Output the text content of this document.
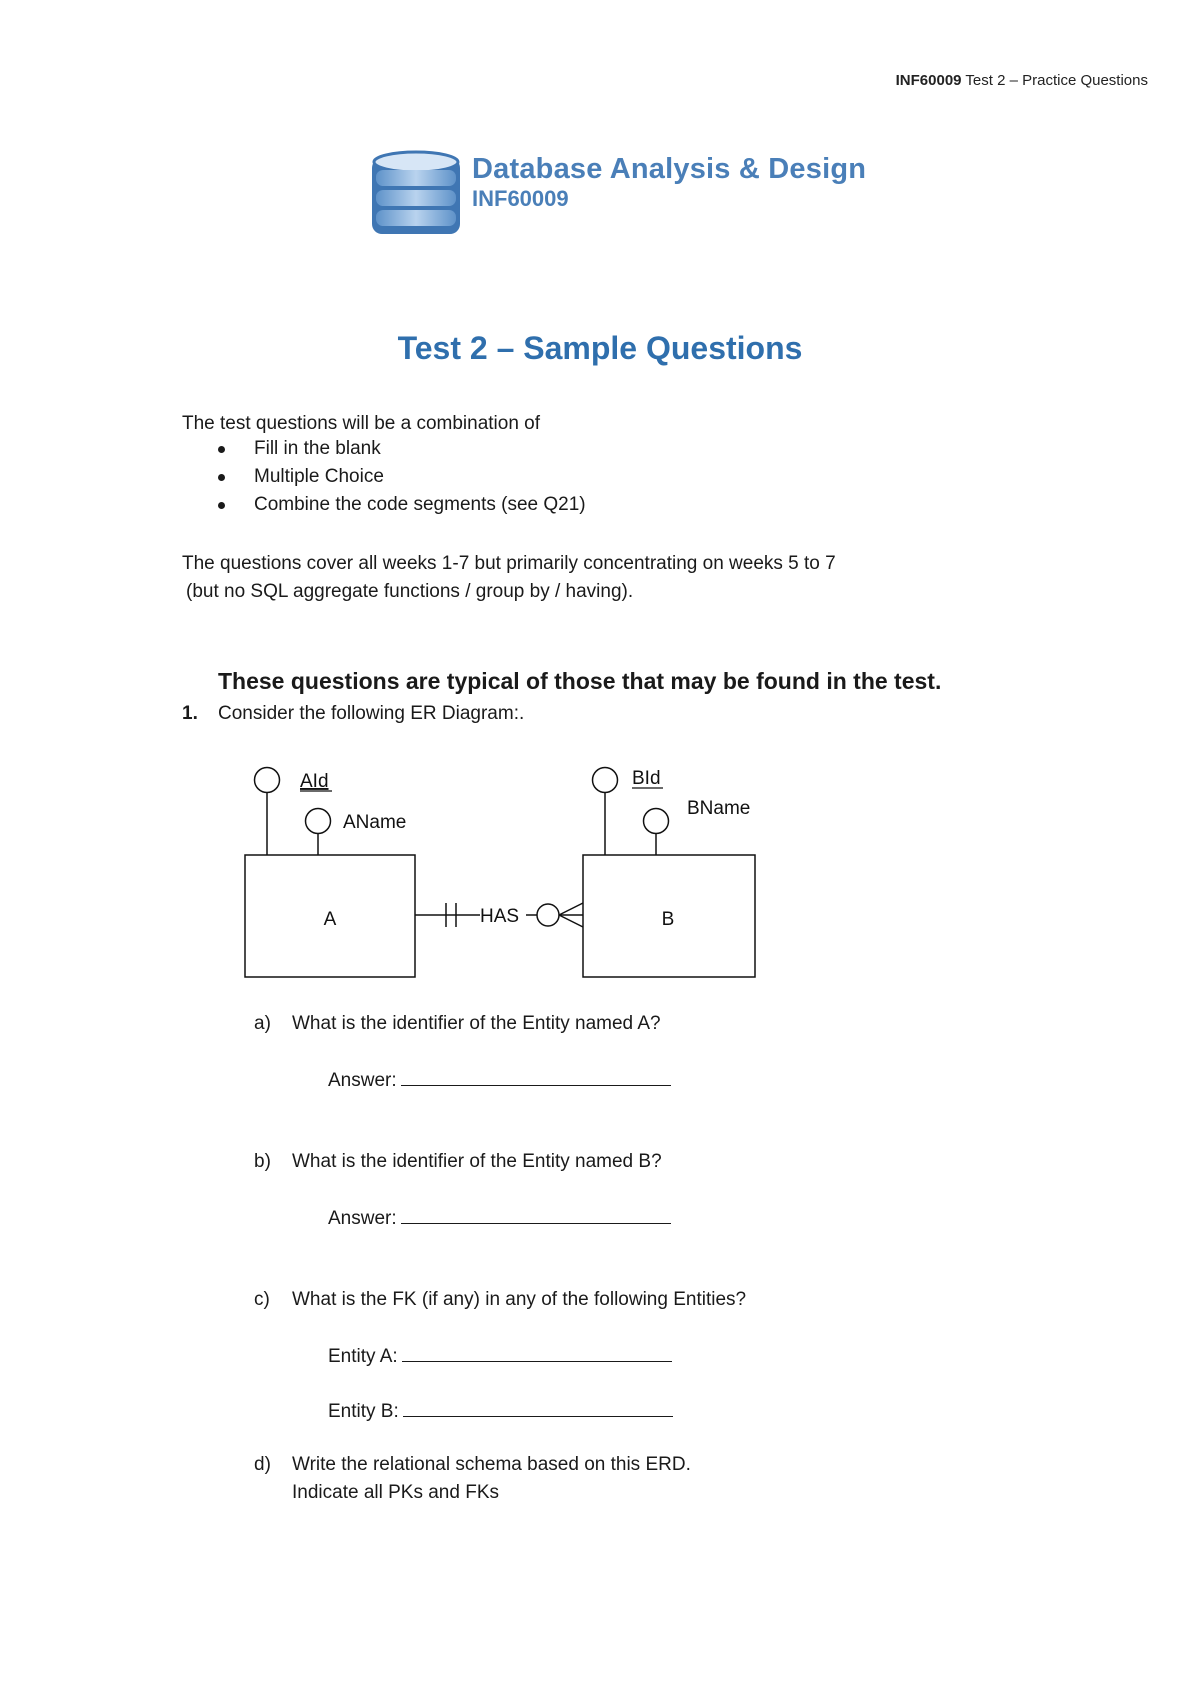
INF60009 Test 2 – Practice Questions
Database Analysis & Design
INF60009
Test 2 – Sample Questions
The test questions will be a combination of
Fill in the blank
Multiple Choice
Combine the code segments (see Q21)
The questions cover all weeks 1-7 but primarily concentrating on weeks 5 to 7
(but no SQL aggregate functions / group by / having).
These questions are typical of those that may be found in the test.
1. Consider the following ER Diagram:.
A
AId
AName
B
BId
BName
HAS
a) What is the identifier of the Entity named A?
Answer:
b) What is the identifier of the Entity named B?
Answer:
c) What is the FK (if any) in any of the following Entities?
Entity A:
Entity B:
d) Write the relational schema based on this ERD.
Indicate all PKs and FKs
